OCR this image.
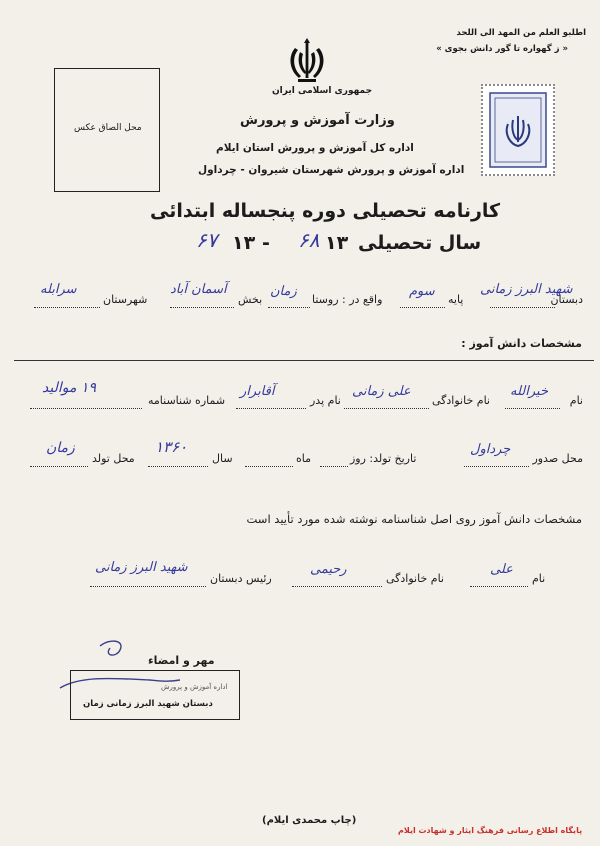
اطلبو العلم من المهد الی اللحد
« ز گهواره تا گور دانش بجوی »
محل الصاق عکس
جمهوری اسلامی ایران
وزارت آموزش و پرورش
اداره کل آموزش و پرورش استان ایلام
اداره آموزش و پرورش شهرستان شیروان - چرداول
کارنامه تحصیلی دوره پنجساله ابتدائی
سال تحصیلی
۱۳
۶۸
-
۱۳
۶۷
دبستان
شهید البرز زمانی
پایه
سوم
واقع در : روستا
زمان
بخش
آسمان آباد
شهرستان
سرابله
مشخصات دانش آموز :
نام
خیرالله
نام خانوادگی
علی زمانی
نام پدر
آقابرار
شماره شناسنامه
۱۹ موالید
محل صدور
چرداول
تاریخ تولد: روز
ماه
سال
۱۳۶۰
محل تولد
زمان
مشخصات دانش آموز روی اصل شناسنامه نوشته شده مورد تأیید است
نام
علی
نام خانوادگی
رحیمی
رئیس دبستان
شهید البرز زمانی
مهر و امضاء
اداره آموزش و پرورش
دبستان شهید البرز زمانی زمان
(چاپ محمدی ایلام)
پایگاه اطلاع رسانی فرهنگ ایثار و شهادت ایلام
